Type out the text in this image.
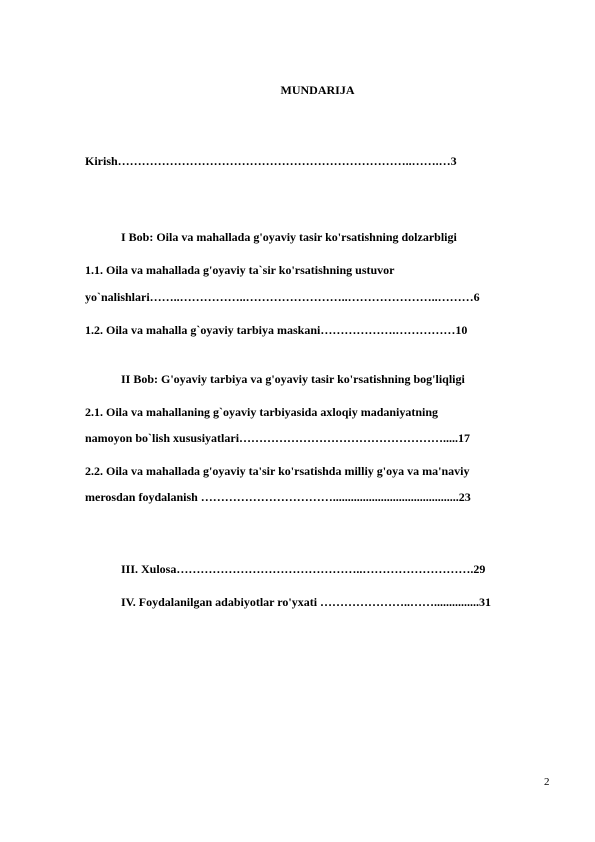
MUNDARIJA
Kirish………………………………………………………………..…….…3
I Bob: Oila va mahallada g'oyaviy tasir ko'rsatishning dolzarbligi
1.1. Oila va mahallada g'oyaviy ta`sir ko'rsatishning ustuvor
yo`nalishlari……..……………..……………………..…………………..………6
1.2. Oila va mahalla g`oyaviy tarbiya maskani……………….……………10
II Bob: G'oyaviy tarbiya va g'oyaviy tasir ko'rsatishning bog'liqligi
2.1. Oila va mahallaning g`oyaviy tarbiyasida axloqiy madaniyatning
namoyon bo`lish xususiyatlari…………………………………………….....17
2.2. Oila va mahallada g'oyaviy ta'sir ko'rsatishda milliy g'oya va ma'naviy
merosdan foydalanish ……………………………..........................................23
III. Xulosa………………………………………..……………………….29
IV. Foydalanilgan adabiyotlar ro'yxati …………………..……...............31
2
